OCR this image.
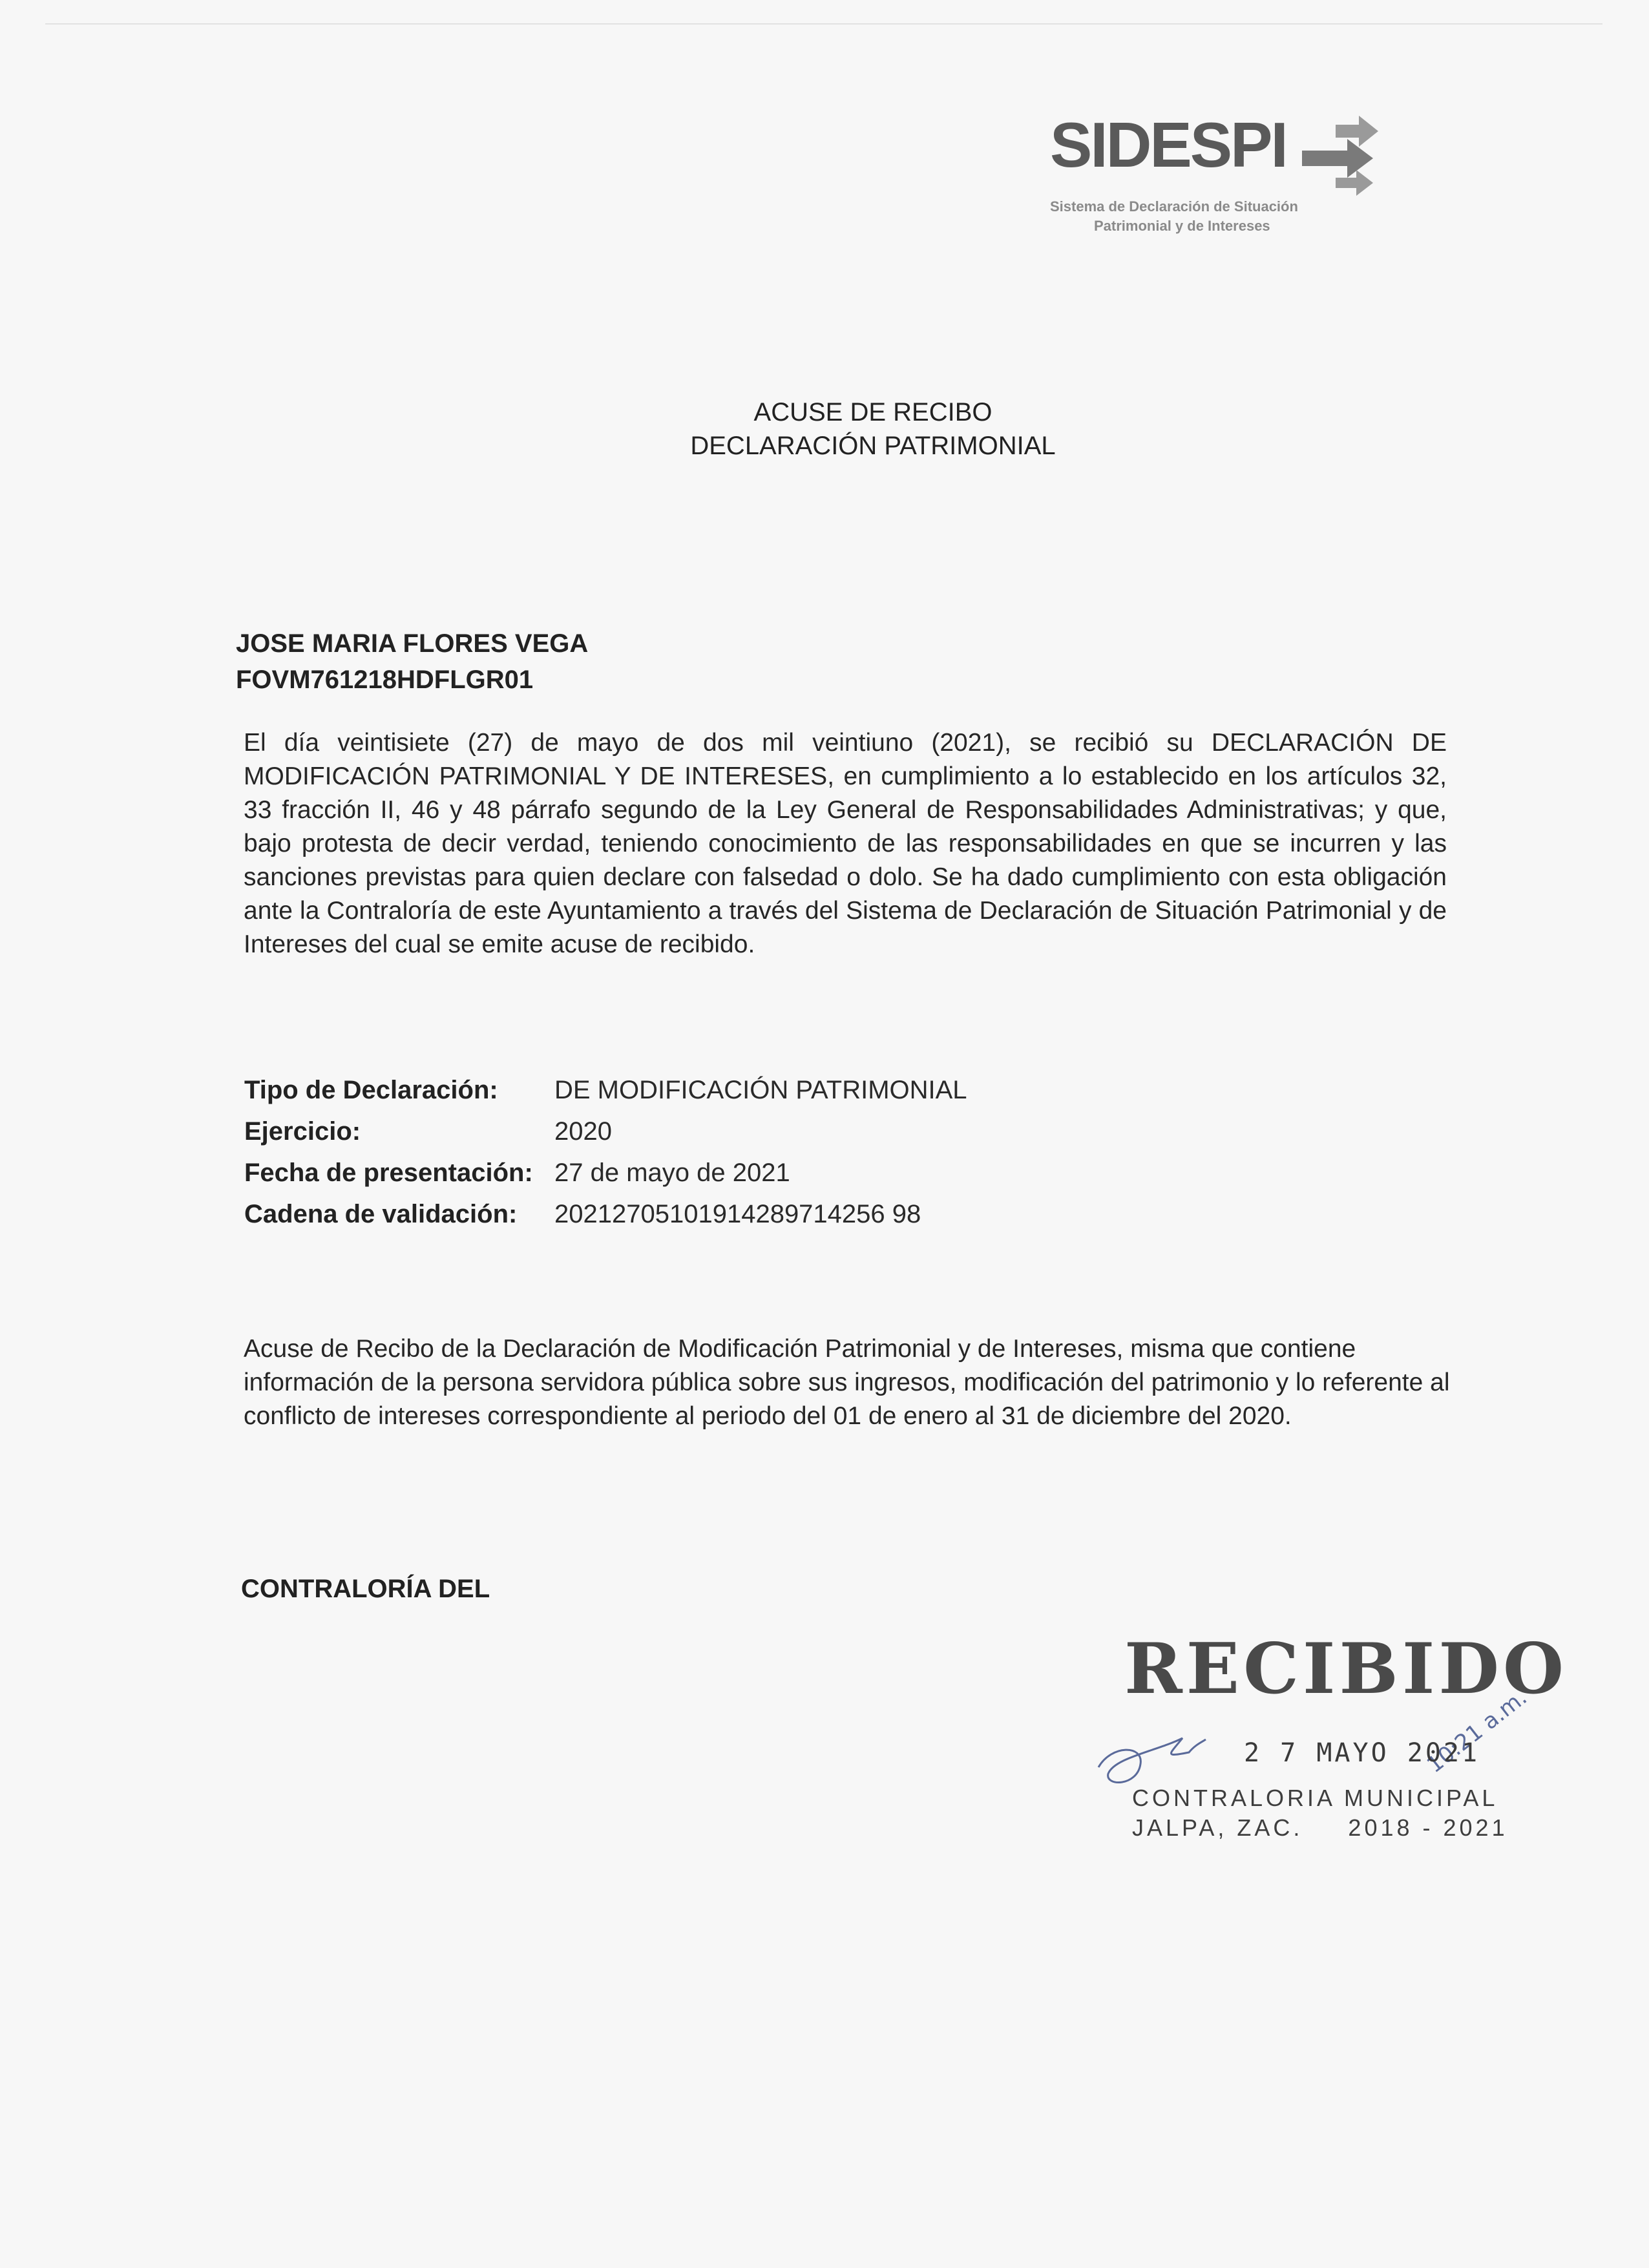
SIDESPI
Sistema de Declaración de Situación
Patrimonial y de Intereses
ACUSE DE RECIBO
DECLARACIÓN PATRIMONIAL
JOSE MARIA FLORES VEGA
FOVM761218HDFLGR01
El día veintisiete (27) de mayo de dos mil veintiuno (2021), se recibió su DECLARACIÓN DE MODIFICACIÓN PATRIMONIAL Y DE INTERESES, en cumplimiento a lo establecido en los artículos 32, 33 fracción II, 46 y 48 párrafo segundo de la Ley General de Responsabilidades Administrativas; y que, bajo protesta de decir verdad, teniendo conocimiento de las responsabilidades en que se incurren y las sanciones previstas para quien declare con falsedad o dolo. Se ha dado cumplimiento con esta obligación ante la Contraloría de este Ayuntamiento a través del Sistema de Declaración de Situación Patrimonial y de Intereses del cual se emite acuse de recibido.
Tipo de Declaración:	DE MODIFICACIÓN PATRIMONIAL
Ejercicio:	2020
Fecha de presentación: 27 de mayo de 2021
Cadena de validación:	20212705101914289714256 98
Acuse de Recibo de la Declaración de Modificación Patrimonial y de Intereses, misma que contiene información de la persona servidora pública sobre sus ingresos, modificación del patrimonio y lo referente al conflicto de intereses correspondiente al periodo del 01 de enero al 31 de diciembre del 2020.
CONTRALORÍA DEL
RECIBIDO
10:21 a.m.
2 7 MAYO 2021
CONTRALORIA MUNICIPAL
JALPA, ZAC. 2018 - 2021
